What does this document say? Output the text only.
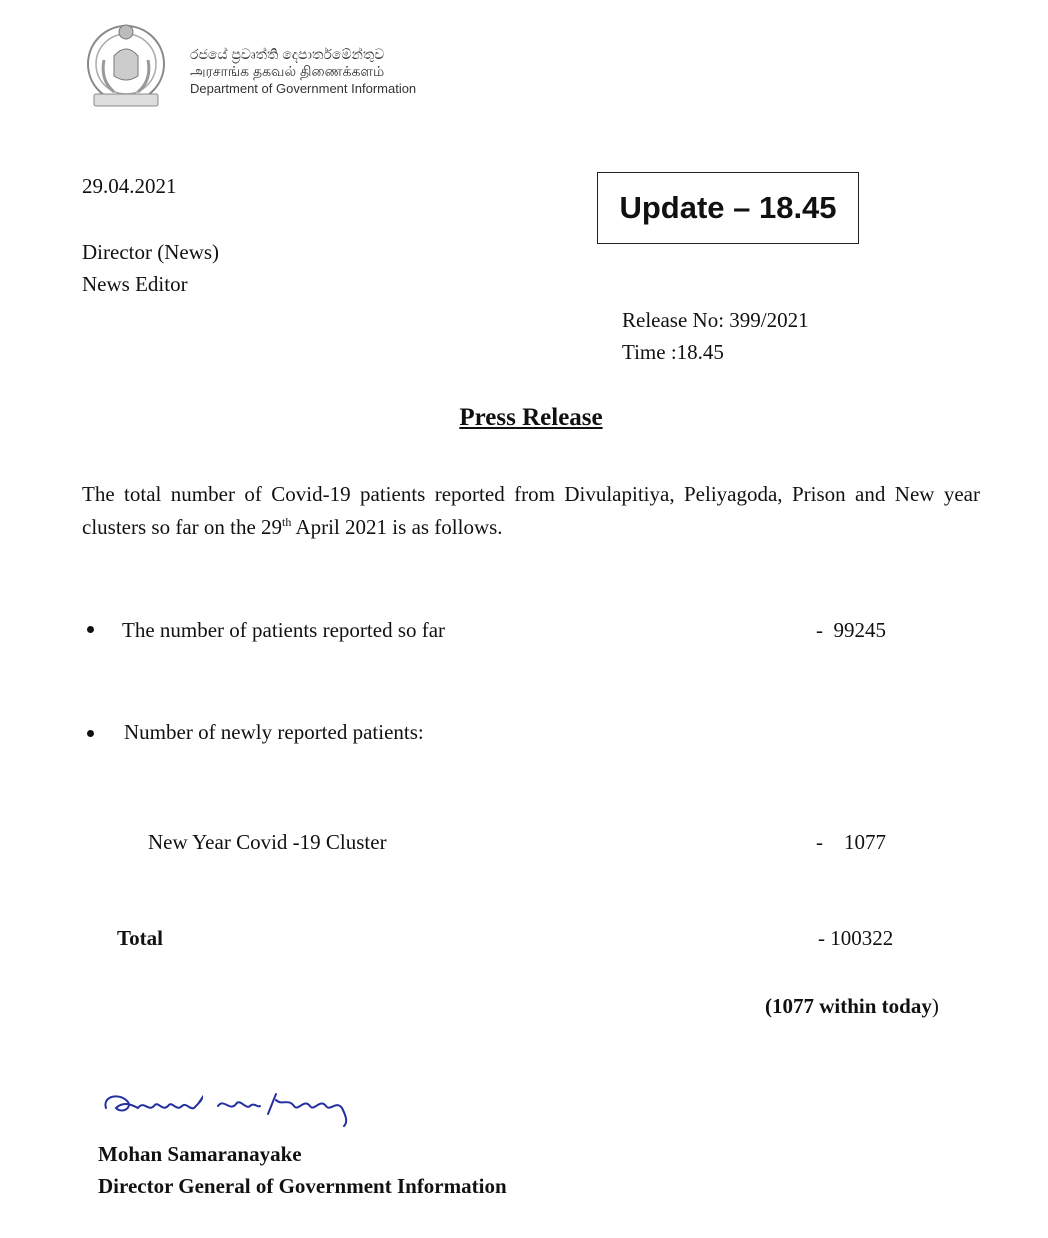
රජයේ ප්‍රවෘත්ති දෙපාර්තමේන්තුව
அரசாங்க தகவல் திணைக்களம்
Department of Government Information
29.04.2021
Update – 18.45
Director (News)
News Editor
Release No: 399/2021
Time :18.45
Press Release

The total number of Covid-19 patients reported from Divulapitiya, Peliyagoda, Prison and New year clusters so far on the 29th April 2021 is as follows.

The number of patients reported so far	-  99245
Number of newly reported patients:
New Year Covid -19 Cluster	-    1077
Total	- 100322
(1077 within today)
Mohan Samaranayake
Director General of Government Information
